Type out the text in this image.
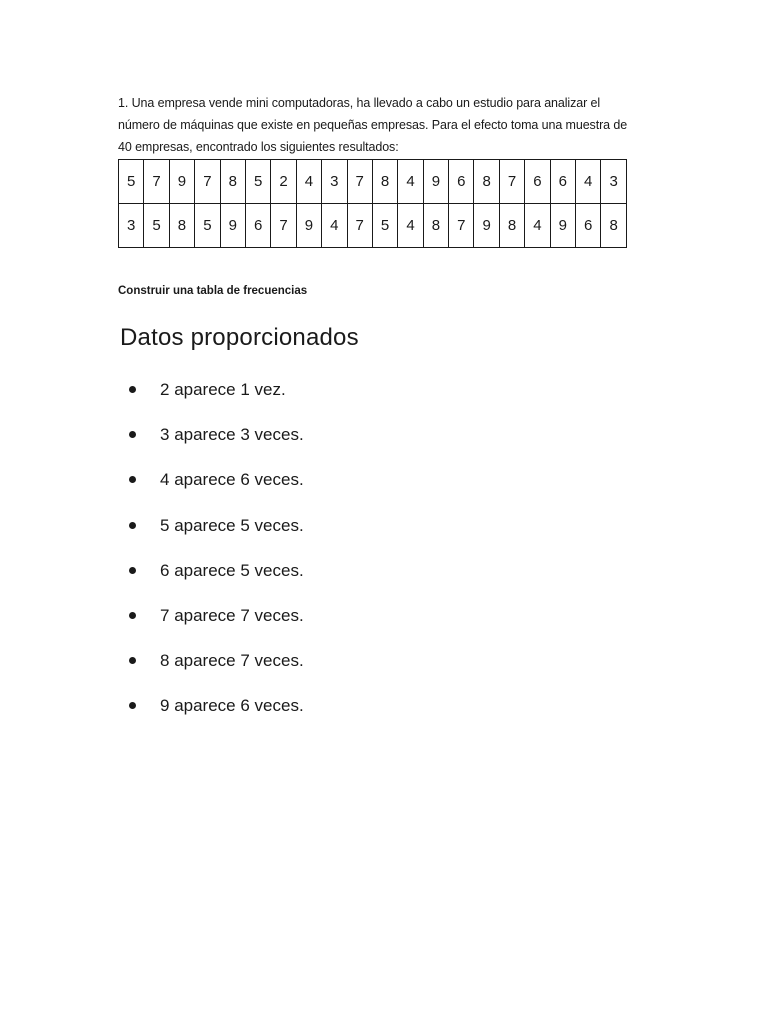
1. Una empresa vende mini computadoras, ha llevado a cabo un estudio para analizar el

número de máquinas que existe en pequeñas empresas. Para el efecto toma una muestra de

40 empresas, encontrado los siguientes resultados:

5	7	9	7	8	5	2	4	3	7	8	4	9	6	8	7	6	6	4	3
3	5	8	5	9	6	7	9	4	7	5	4	8	7	9	8	4	9	6	8

Construir una tabla de frecuencias

Datos proporcionados
2 aparece 1 vez.
3 aparece 3 veces.
4 aparece 6 veces.
5 aparece 5 veces.
6 aparece 5 veces.
7 aparece 7 veces.
8 aparece 7 veces.
9 aparece 6 veces.
